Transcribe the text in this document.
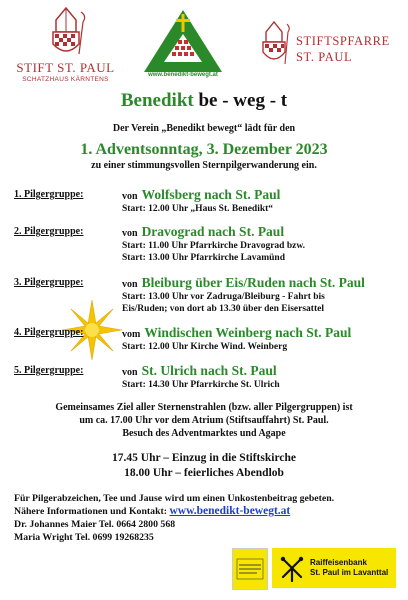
STIFT ST. PAUL
SCHATZHAUS KÄRNTENS
www.benedikt-bewegt.at
STIFTSPFARRE
ST. PAUL
Benedikt be - weg - t
Der Verein „Benedikt bewegt“ lädt für den
1. Adventsonntag, 3. Dezember 2023
zu einer stimmungsvollen Sternpilgerwanderung ein.
1. Pilgergruppe:	von Wolfsberg nach St. Paul
Start: 12.00 Uhr „Haus St. Benedikt“
2. Pilgergruppe:	von Dravograd nach St. Paul
Start: 11.00 Uhr Pfarrkirche Dravograd bzw.
Start: 13.00 Uhr Pfarrkirche Lavamünd
3. Pilgergruppe:	von Bleiburg über Eis/Ruden nach St. Paul
Start: 13.00 Uhr vor Zadruga/Bleiburg - Fahrt bis
Eis/Ruden; von dort ab 13.30 über den Eisersattel
4. Pilgergruppe:	vom Windischen Weinberg nach St. Paul
Start: 12.00 Uhr Kirche Wind. Weinberg
5. Pilgergruppe:	von St. Ulrich nach St. Paul
Start: 14.30 Uhr Pfarrkirche St. Ulrich
Gemeinsames Ziel aller Sternenstrahlen (bzw. aller Pilgergruppen) ist
um ca. 17.00 Uhr vor dem Atrium (Stiftsauffahrt) St. Paul.
Besuch des Adventmarktes und Agape
17.45 Uhr – Einzug in die Stiftskirche
18.00 Uhr – feierliches Abendlob
Für Pilgerabzeichen, Tee und Jause wird um einen Unkostenbeitrag gebeten.
Nähere Informationen und Kontakt: www.benedikt-bewegt.at
Dr. Johannes Maier Tel. 0664 2800 568
Maria Wright Tel. 0699 19268235
Raiffeisenbank
St. Paul im Lavanttal
